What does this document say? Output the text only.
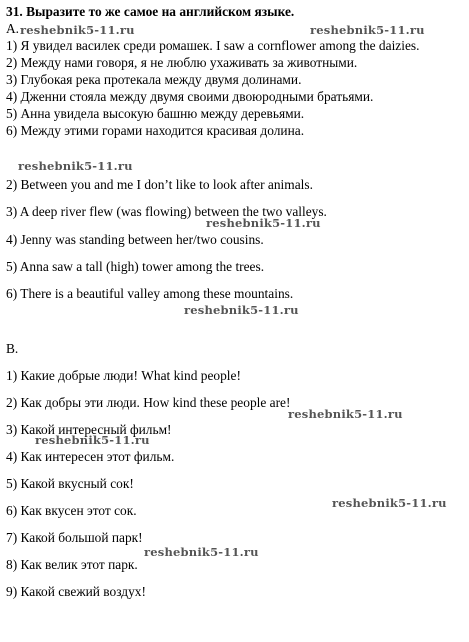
31. Выразите то же самое на английском языке.
A.
1) Я увидел василек среди ромашек. I saw a cornflower among the daizies.
2) Между нами говоря, я не люблю ухаживать за животными.
3) Глубокая река протекала между двумя долинами.
4) Дженни стояла между двумя своими двоюродными братьями.
5) Анна увидела высокую башню между деревьями.
6) Между этими горами находится красивая долина.
2) Between you and me I don’t like to look after animals.
3) A deep river flew (was flowing) between the two valleys.
4) Jenny was standing between her/two cousins.
5) Anna saw a tall (high) tower among the trees.
6) There is a beautiful valley among these mountains.
B.
1) Какие добрые люди! What kind people!
2) Как добры эти люди. How kind these people are!
3) Какой интересный фильм!
4) Как интересен этот фильм.
5) Какой вкусный сок!
6) Как вкусен этот сок.
7) Какой большой парк!
8) Как велик этот парк.
9) Какой свежий воздух!
reshebnik5-11.ru	reshebnik5-11.ru
reshebnik5-11.ru
reshebnik5-11.ru
reshebnik5-11.ru
reshebnik5-11.ru
reshebnik5-11.ru
reshebnik5-11.ru
reshebnik5-11.ru
